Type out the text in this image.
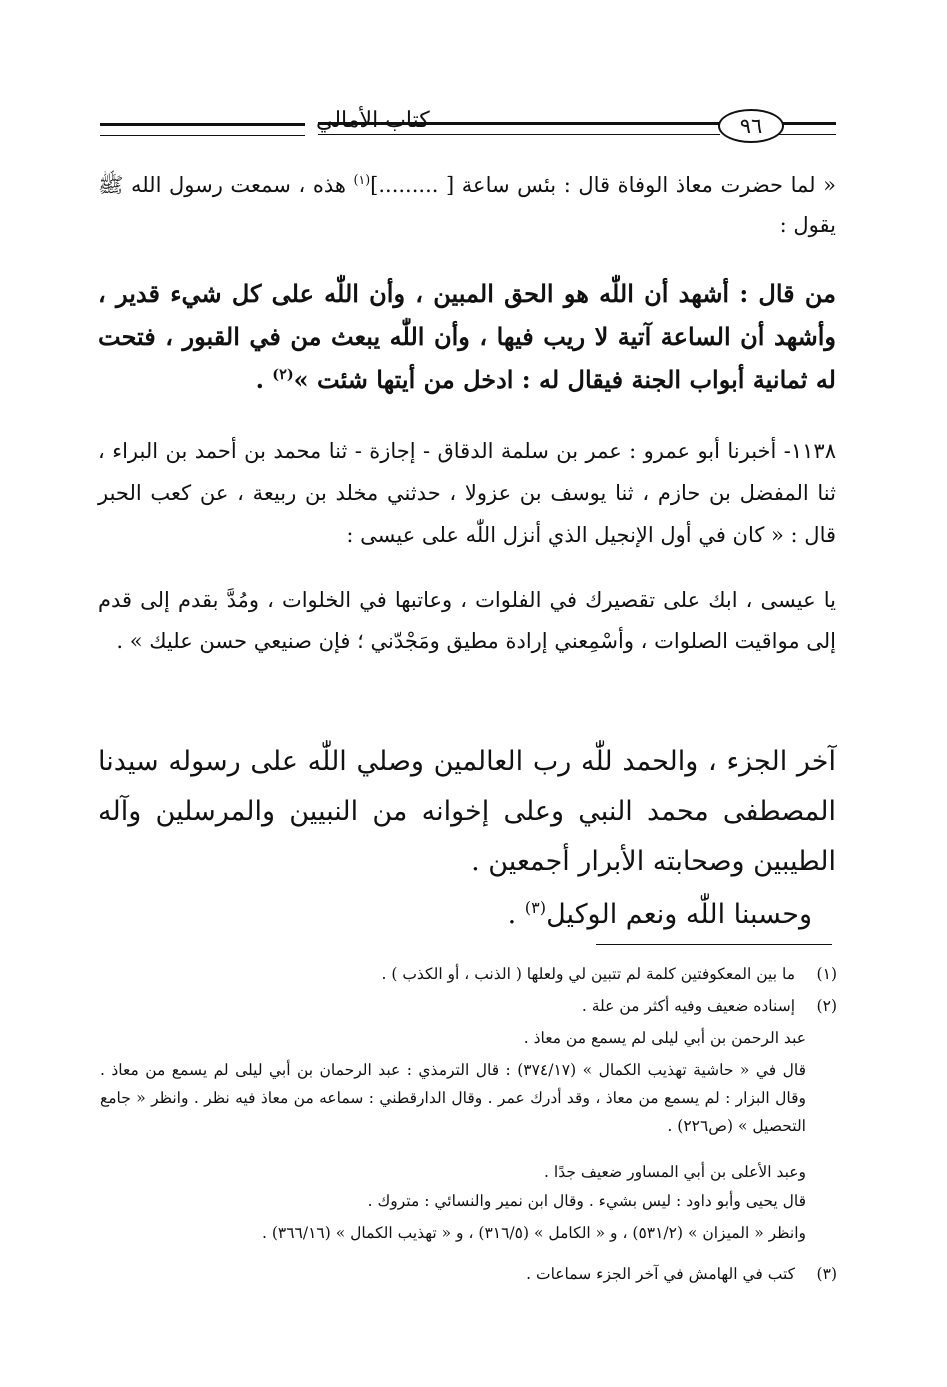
كتاب الأمالي	٩٦
« لما حضرت معاذ الوفاة قال : بئس ساعة [ .........]$^{(١)}$ هذه ، سمعت رسول الله ﷺ يقول :
من قال : أشهد أن اللّٰه هو الحق المبين ، وأن اللّٰه على كل شيء قدير ، وأشهد أن الساعة آتية لا ريب فيها ، وأن اللّٰه يبعث من في القبور ، فتحت له ثمانية أبواب الجنة فيقال له : ادخل من أيتها شئت »$^{(٢)}$ .
١١٣٨- أخبرنا أبو عمرو : عمر بن سلمة الدقاق - إجازة - ثنا محمد بن أحمد بن البراء ، ثنا المفضل بن حازم ، ثنا يوسف بن عزولا ، حدثني مخلد بن ربيعة ، عن كعب الحبر قال : « كان في أول الإنجيل الذي أنزل اللّٰه على عيسى :
يا عيسى ، ابك على تقصيرك في الفلوات ، وعاتبها في الخلوات ، ومُدَّ بقدم إلى قدم إلى مواقيت الصلوات ، وأسْمِعني إرادة مطيق ومَجْدّني ؛ فإن صنيعي حسن عليك » .
آخر الجزء ، والحمد للّٰه رب العالمين وصلي اللّٰه على رسوله سيدنا المصطفى محمد النبي وعلى إخوانه من النبيين والمرسلين وآله الطيبين وصحابته الأبرار أجمعين .
وحسبنا اللّٰه ونعم الوكيل$^{(٣)}$ .
(١)
ما بين المعكوفتين كلمة لم تتبين لي ولعلها ( الذنب ، أو الكذب ) .
(٢)
إسناده ضعيف وفيه أكثر من علة .
عبد الرحمن بن أبي ليلى لم يسمع من معاذ .
قال في « حاشية تهذيب الكمال » (٣٧٤/١٧) : قال الترمذي : عبد الرحمان بن أبي ليلى لم يسمع من معاذ . وقال البزار : لم يسمع من معاذ ، وقد أدرك عمر . وقال الدارقطني : سماعه من معاذ فيه نظر . وانظر « جامع التحصيل » (ص٢٢٦) .
وعبد الأعلى بن أبي المساور ضعيف جدًا .
قال يحيى وأبو داود : ليس بشيء . وقال ابن نمير والنسائي : متروك .
وانظر « الميزان » (٥٣١/٢) ، و « الكامل » (٣١٦/٥) ، و « تهذيب الكمال » (٣٦٦/١٦) .
(٣)
كتب في الهامش في آخر الجزء سماعات .
